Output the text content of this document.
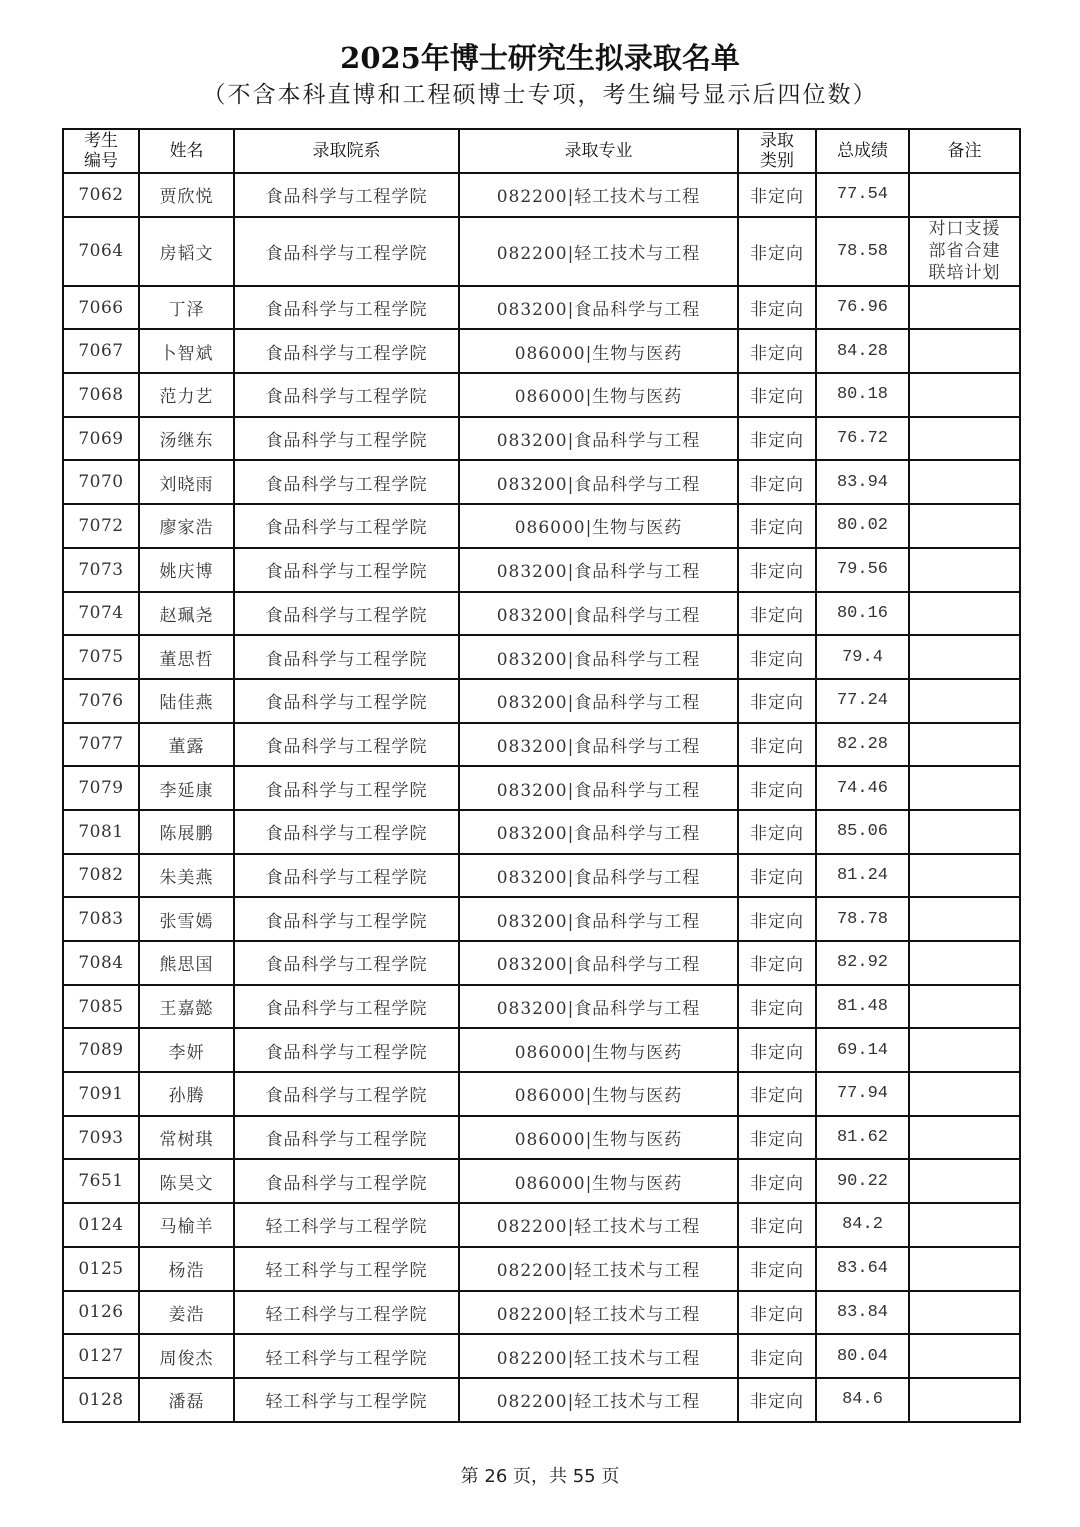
2025年博士研究生拟录取名单
（不含本科直博和工程硕博士专项，考生编号显示后四位数）
考生编号	姓名	录取院系	录取专业	录取类别	总成绩	备注
7062	贾欣悦	食品科学与工程学院	082200|轻工技术与工程	非定向	77.54	
7064	房韬文	食品科学与工程学院	082200|轻工技术与工程	非定向	78.58	对口支援
部省合建
联培计划

7066	丁泽	食品科学与工程学院	083200|食品科学与工程	非定向	76.96	
7067	卜智斌	食品科学与工程学院	086000|生物与医药	非定向	84.28	
7068	范力艺	食品科学与工程学院	086000|生物与医药	非定向	80.18	
7069	汤继东	食品科学与工程学院	083200|食品科学与工程	非定向	76.72	
7070	刘晓雨	食品科学与工程学院	083200|食品科学与工程	非定向	83.94	
7072	廖家浩	食品科学与工程学院	086000|生物与医药	非定向	80.02	
7073	姚庆博	食品科学与工程学院	083200|食品科学与工程	非定向	79.56	
7074	赵珮尧	食品科学与工程学院	083200|食品科学与工程	非定向	80.16	
7075	董思哲	食品科学与工程学院	083200|食品科学与工程	非定向	79.4	
7076	陆佳燕	食品科学与工程学院	083200|食品科学与工程	非定向	77.24	
7077	董露	食品科学与工程学院	083200|食品科学与工程	非定向	82.28	
7079	李延康	食品科学与工程学院	083200|食品科学与工程	非定向	74.46	
7081	陈展鹏	食品科学与工程学院	083200|食品科学与工程	非定向	85.06	
7082	朱美燕	食品科学与工程学院	083200|食品科学与工程	非定向	81.24	
7083	张雪嫣	食品科学与工程学院	083200|食品科学与工程	非定向	78.78	
7084	熊思国	食品科学与工程学院	083200|食品科学与工程	非定向	82.92	
7085	王嘉懿	食品科学与工程学院	083200|食品科学与工程	非定向	81.48	
7089	李妍	食品科学与工程学院	086000|生物与医药	非定向	69.14	
7091	孙腾	食品科学与工程学院	086000|生物与医药	非定向	77.94	
7093	常树琪	食品科学与工程学院	086000|生物与医药	非定向	81.62	
7651	陈昊文	食品科学与工程学院	086000|生物与医药	非定向	90.22	
0124	马榆羊	轻工科学与工程学院	082200|轻工技术与工程	非定向	84.2	
0125	杨浩	轻工科学与工程学院	082200|轻工技术与工程	非定向	83.64	
0126	姜浩	轻工科学与工程学院	082200|轻工技术与工程	非定向	83.84	
0127	周俊杰	轻工科学与工程学院	082200|轻工技术与工程	非定向	80.04	
0128	潘磊	轻工科学与工程学院	082200|轻工技术与工程	非定向	84.6	
第 26 页，共 55 页
